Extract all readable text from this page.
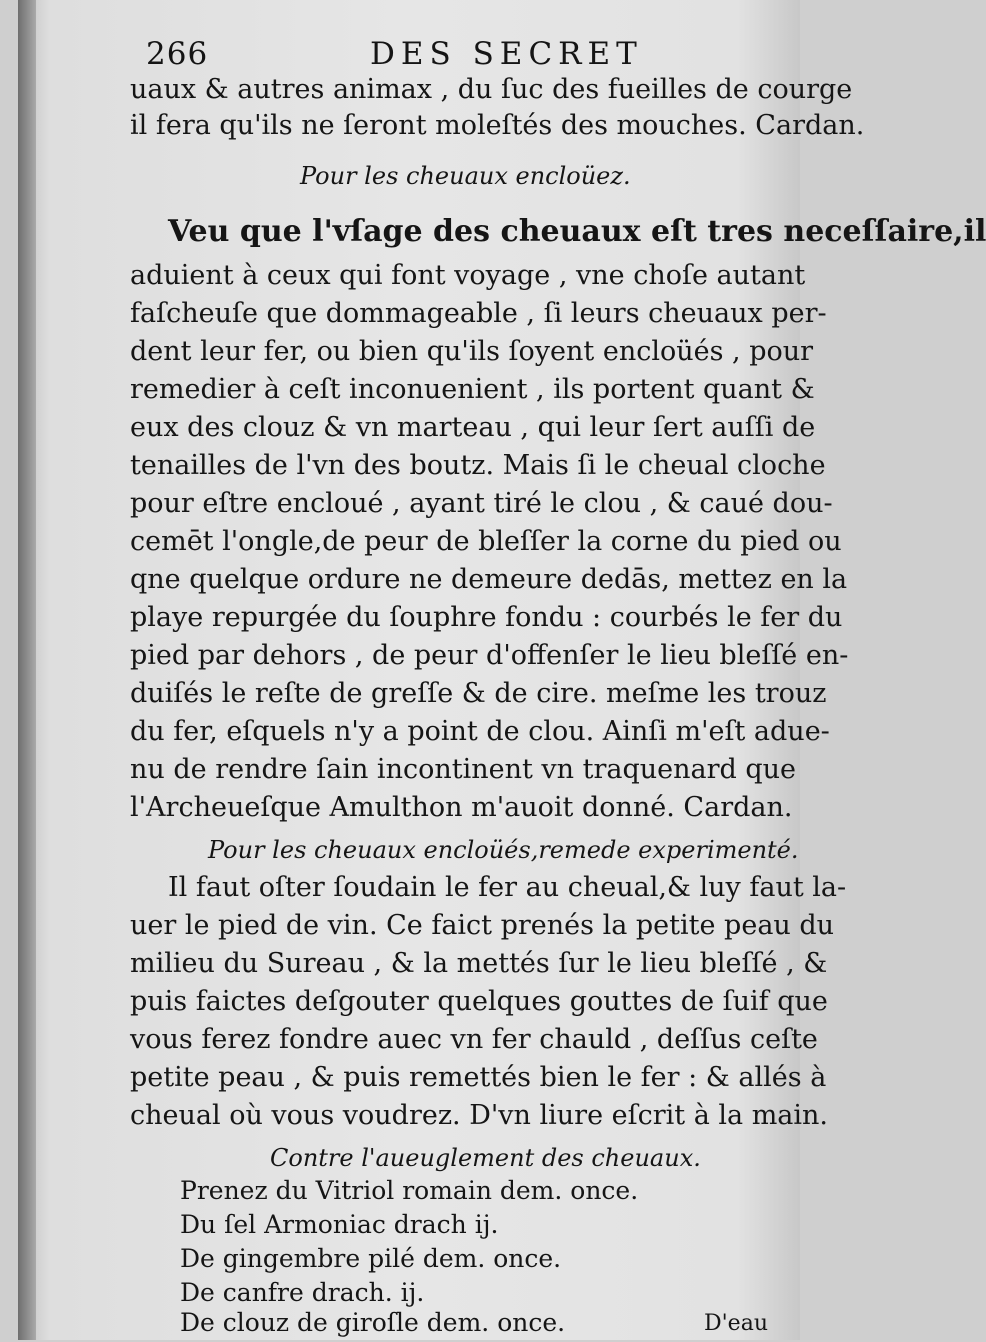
266	DES SECRET
uaux & autres animax , du ſuc des fueilles de courge
il fera qu'ils ne ſeront moleſtés des mouches. Cardan.
Pour les cheuaux encloüez.
Veu que l'vſage des cheuaux eſt tres neceſſaire,il
aduient à ceux qui font voyage , vne choſe autant
faſcheuſe que dommageable , ſi leurs cheuaux per-
dent leur fer, ou bien qu'ils ſoyent encloüés , pour
remedier à ceſt inconuenient , ils portent quant &
eux des clouz & vn marteau , qui leur ſert auſſi de
tenailles de l'vn des boutz. Mais ſi le cheual cloche
pour eſtre encloué , ayant tiré le clou , & caué dou-
cemēt l'ongle,de peur de bleſſer la corne du pied ou
qne quelque ordure ne demeure dedās, mettez en la
playe repurgée du ſouphre fondu : courbés le fer du
pied par dehors , de peur d'offenſer le lieu bleſſé en-
duiſés le reſte de greſſe & de cire. meſme les trouz
du fer, eſquels n'y a point de clou. Ainſi m'eſt adue-
nu de rendre ſain incontinent vn traquenard que
l'Archeueſque Amulthon m'auoit donné. Cardan.
Pour les cheuaux encloüés,remede experimenté.
Il faut oſter ſoudain le fer au cheual,& luy faut la-
uer le pied de vin. Ce faict prenés la petite peau du
milieu du Sureau , & la mettés ſur le lieu bleſſé , &
puis faictes deſgouter quelques gouttes de ſuif que
vous ferez fondre auec vn fer chauld , deſſus ceſte
petite peau , & puis remettés bien le fer : & allés à
cheual où vous voudrez. D'vn liure eſcrit à la main.
Contre l'aueuglement des cheuaux.
Prenez du Vitriol romain dem. once.
Du ſel Armoniac drach ij.
De gingembre pilé dem. once.
De canfre drach. ij.
D'eau
De clouz de giroſle dem. once.
